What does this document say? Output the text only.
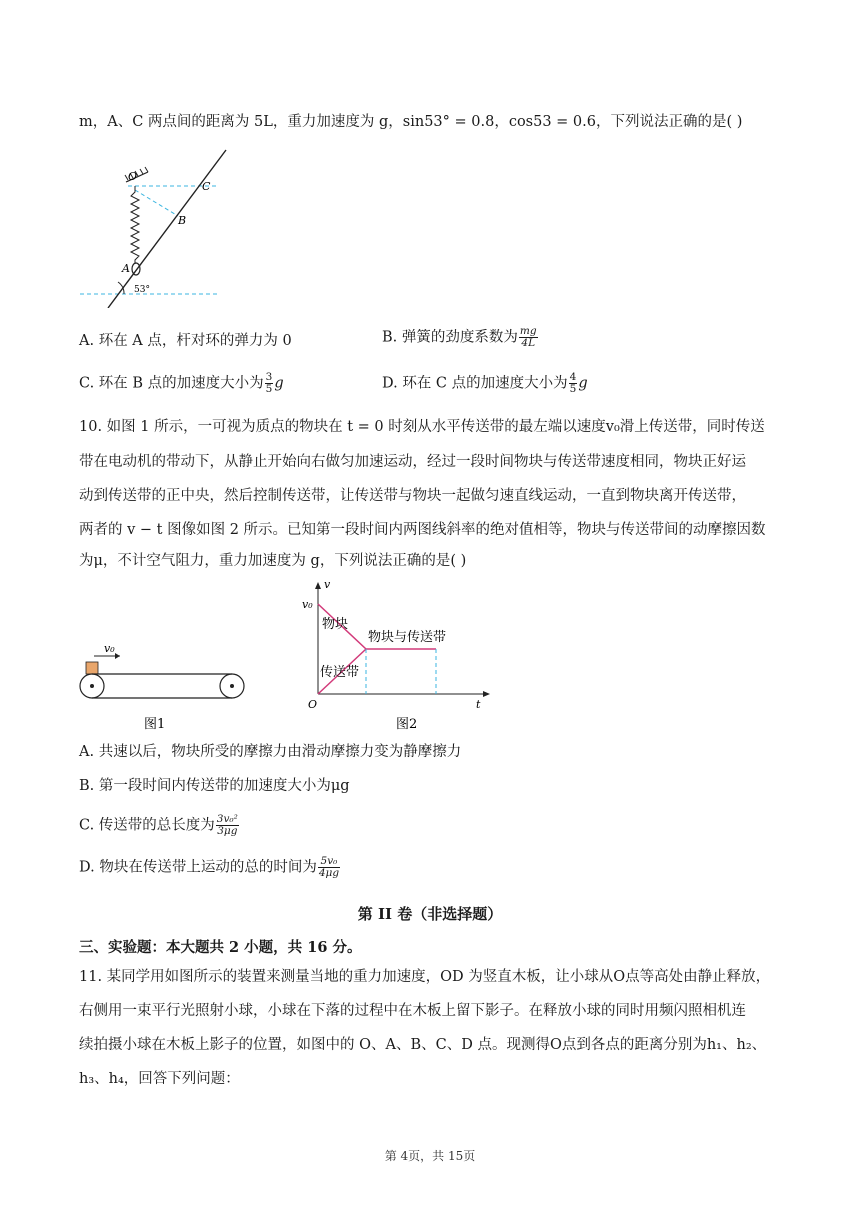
m，A、C 两点间的距离为 5L，重力加速度为 g，sin53° = 0.8，cos53 = 0.6，下列说法正确的是( )
O
C
B
A
53°
A. 环在 A 点，杆对环的弹力为 0	B. 弹簧的劲度系数为 $\frac{mg}{4L}$
C. 环在 B 点的加速度大小为 $\frac{3}{5}$ g	D. 环在 C 点的加速度大小为 $\frac{4}{5}$ g
10. 如图 1 所示，一可视为质点的物块在 t = 0 时刻从水平传送带的最左端以速度v₀滑上传送带，同时传送
带在电动机的带动下，从静止开始向右做匀加速运动，经过一段时间物块与传送带速度相同，物块正好运
动到传送带的正中央，然后控制传送带，让传送带与物块一起做匀速直线运动，一直到物块离开传送带，
两者的 v − t 图像如图 2 所示。已知第一段时间内两图线斜率的绝对值相等，物块与传送带间的动摩擦因数
为μ，不计空气阻力，重力加速度为 g，下列说法正确的是( )
v₀
图1
v
t
O
v₀
物块
物块与传送带
传送带
图2
A. 共速以后，物块所受的摩擦力由滑动摩擦力变为静摩擦力
B. 第一段时间内传送带的加速度大小为μg
C. 传送带的总长度为 $\frac{\text{3v₀²}}{3\mu g}$
D. 物块在传送带上运动的总的时间为 $\frac{\text{5v₀}}{4\mu g}$
第 II 卷（非选择题）
三、实验题：本大题共 2 小题，共 16 分。
11. 某同学用如图所示的装置来测量当地的重力加速度，OD 为竖直木板，让小球从O点等高处由静止释放，
右侧用一束平行光照射小球，小球在下落的过程中在木板上留下影子。在释放小球的同时用频闪照相机连
续拍摄小球在木板上影子的位置，如图中的 O、A、B、C、D 点。现测得O点到各点的距离分别为h₁、h₂、
h₃、h₄，回答下列问题：
第 4页，共 15页
